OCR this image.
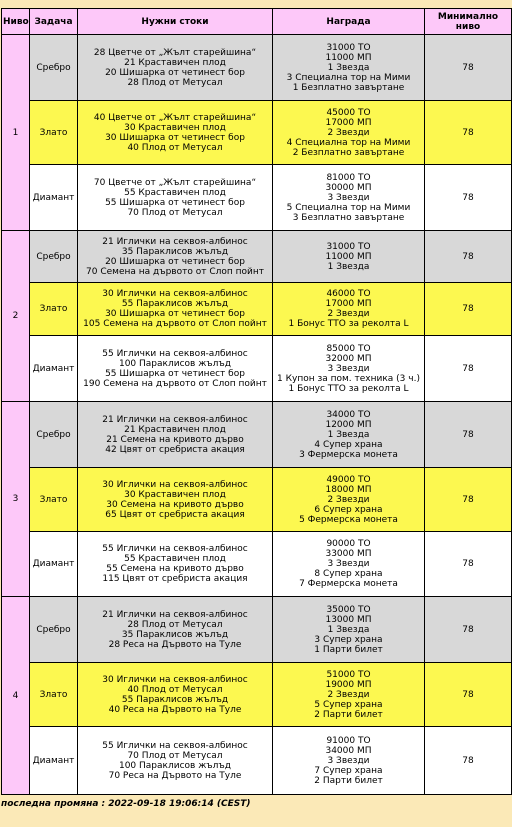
Ниво	Задача	Нужни стоки	Награда	Минимално ниво
1	Сребро	28 Цветче от „Жълт старейшина“
21 Краставичен плод
20 Шишарка от четинест бор
28 Плод от Метусал	31000 ТО
11000 МП
1 Звезда
3 Специална тор на Мими
1 Безплатно завъртане	78
	Злато	40 Цветче от „Жълт старейшина“
30 Краставичен плод
30 Шишарка от четинест бор
40 Плод от Метусал	45000 ТО
17000 МП
2 Звезди
4 Специална тор на Мими
2 Безплатно завъртане	78
	Диамант	70 Цветче от „Жълт старейшина“
55 Краставичен плод
55 Шишарка от четинест бор
70 Плод от Метусал	81000 ТО
30000 МП
3 Звезди
5 Специална тор на Мими
3 Безплатно завъртане	78
2	Сребро	21 Иглички на секвоя-албинос
35 Параклисов жълъд
20 Шишарка от четинест бор
70 Семена на дървото от Слоп пойнт	31000 ТО
11000 МП
1 Звезда	78
	Злато	30 Иглички на секвоя-албинос
55 Параклисов жълъд
30 Шишарка от четинест бор
105 Семена на дървото от Слоп пойнт	46000 ТО
17000 МП
2 Звезди
1 Бонус ТТО за реколта L	78
	Диамант	55 Иглички на секвоя-албинос
100 Параклисов жълъд
55 Шишарка от четинест бор
190 Семена на дървото от Слоп пойнт	85000 ТО
32000 МП
3 Звезди
1 Купон за пом. техника (3 ч.)
1 Бонус ТТО за реколта L	78
3	Сребро	21 Иглички на секвоя-албинос
21 Краставичен плод
21 Семена на кривото дърво
42 Цвят от сребриста акация	34000 ТО
12000 МП
1 Звезда
4 Супер храна
3 Фермерска монета	78
	Злато	30 Иглички на секвоя-албинос
30 Краставичен плод
30 Семена на кривото дърво
65 Цвят от сребриста акация	49000 ТО
18000 МП
2 Звезди
6 Супер храна
5 Фермерска монета	78
	Диамант	55 Иглички на секвоя-албинос
55 Краставичен плод
55 Семена на кривото дърво
115 Цвят от сребриста акация	90000 ТО
33000 МП
3 Звезди
8 Супер храна
7 Фермерска монета	78
4	Сребро	21 Иглички на секвоя-албинос
28 Плод от Метусал
35 Параклисов жълъд
28 Реса на Дървото на Туле	35000 ТО
13000 МП
1 Звезда
3 Супер храна
1 Парти билет	78
	Злато	30 Иглички на секвоя-албинос
40 Плод от Метусал
55 Параклисов жълъд
40 Реса на Дървото на Туле	51000 ТО
19000 МП
2 Звезди
5 Супер храна
2 Парти билет	78
	Диамант	55 Иглички на секвоя-албинос
70 Плод от Метусал
100 Параклисов жълъд
70 Реса на Дървото на Туле	91000 ТО
34000 МП
3 Звезди
7 Супер храна
2 Парти билет	78
последна промяна : 2022-09-18 19:06:14 (CEST)
